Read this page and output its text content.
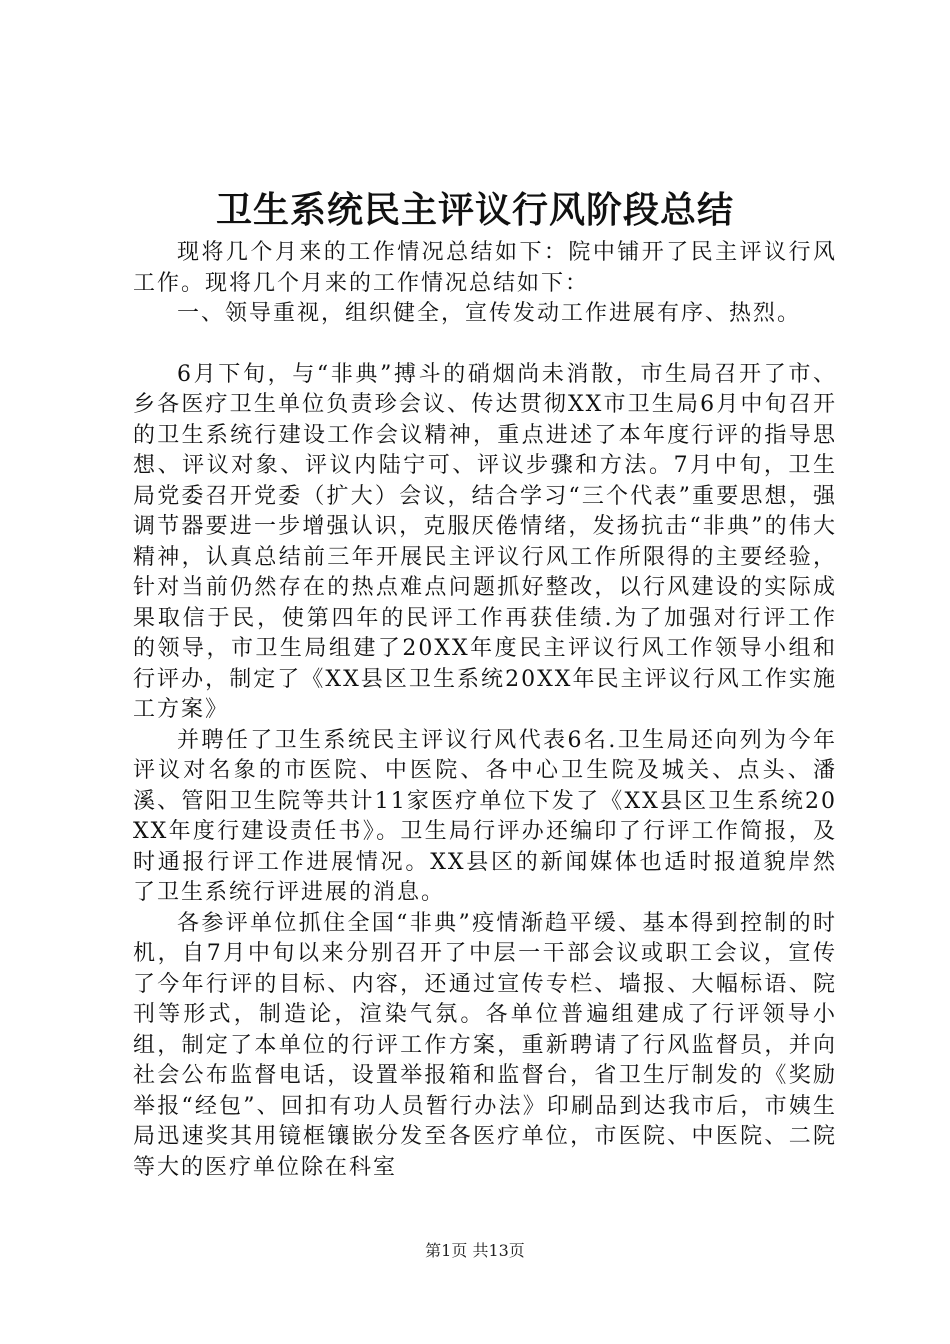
卫生系统民主评议行风阶段总结

现将几个月来的工作情况总结如下：院中铺开了民主评议行风工作。现将几个月来的工作情况总结如下：

一、领导重视，组织健全，宣传发动工作进展有序、热烈。

6月下旬，与“非典”搏斗的硝烟尚未消散，市生局召开了市、乡各医疗卫生单位负责珍会议、传达贯彻XX市卫生局6月中旬召开的卫生系统行建设工作会议精神，重点进述了本年度行评的指导思想、评议对象、评议内陆宁可、评议步骤和方法。7月中旬，卫生局党委召开党委（扩大）会议，结合学习“三个代表”重要思想，强调节器要进一步增强认识，克服厌倦情绪，发扬抗击“非典”的伟大精神，认真总结前三年开展民主评议行风工作所限得的主要经验，针对当前仍然存在的热点难点问题抓好整改，以行风建设的实际成果取信于民，使第四年的民评工作再获佳绩.为了加强对行评工作的领导，市卫生局组建了20XX年度民主评议行风工作领导小组和行评办，制定了《XX县区卫生系统20XX年民主评议行风工作实施工方案》

并聘任了卫生系统民主评议行风代表6名.卫生局还向列为今年评议对名象的市医院、中医院、各中心卫生院及城关、点头、潘溪、管阳卫生院等共计11家医疗单位下发了《XX县区卫生系统20XX年度行建设责任书》。卫生局行评办还编印了行评工作简报，及时通报行评工作进展情况。XX县区的新闻媒体也适时报道貌岸然了卫生系统行评进展的消息。

各参评单位抓住全国“非典”疫情渐趋平缓、基本得到控制的时机，自7月中旬以来分别召开了中层一干部会议或职工会议，宣传了今年行评的目标、内容，还通过宣传专栏、墙报、大幅标语、院刊等形式，制造论，渲染气氛。各单位普遍组建成了行评领导小组，制定了本单位的行评工作方案，重新聘请了行风监督员，并向社会公布监督电话，设置举报箱和监督台，省卫生厅制发的《奖励举报“经包”、回扣有功人员暂行办法》印刷品到达我市后，市姨生局迅速奖其用镜框镶嵌分发至各医疗单位，市医院、中医院、二院等大的医疗单位除在科室

第1页 共13页
